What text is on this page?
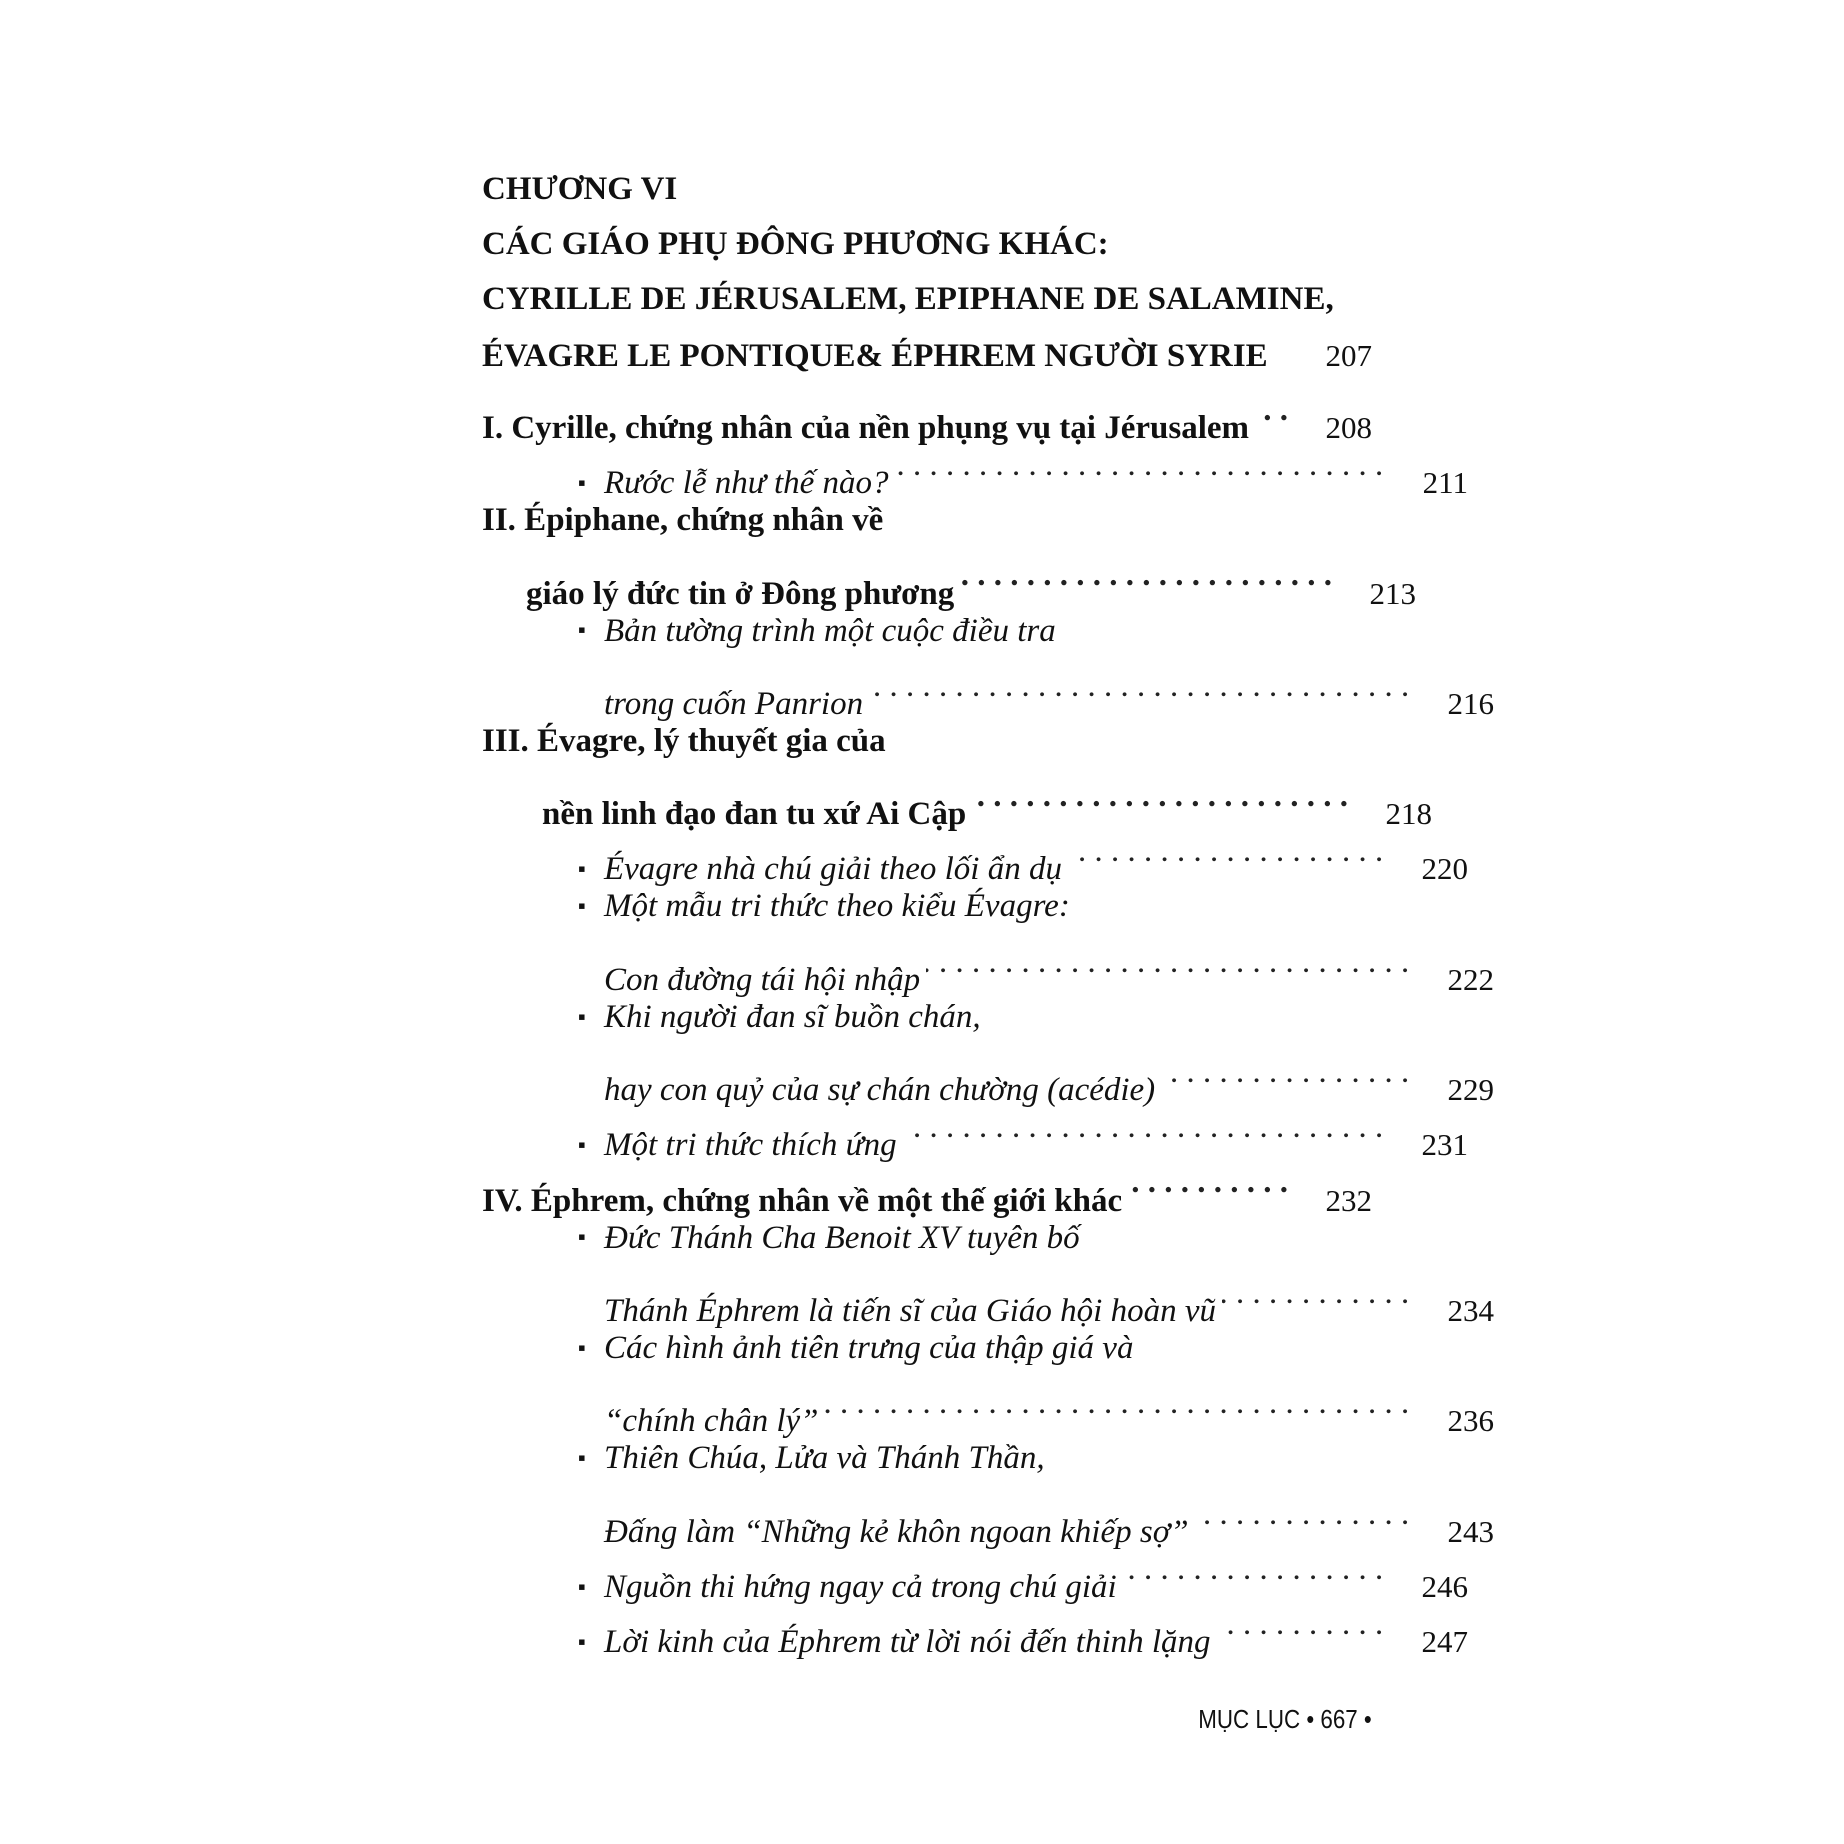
CHƯƠNG VI
CÁC GIÁO PHỤ ĐÔNG PHƯƠNG KHÁC:
CYRILLE DE JÉRUSALEM, EPIPHANE DE SALAMINE,
ÉVAGRE LE PONTIQUE& ÉPHREM NGƯỜI SYRIE	207
I. Cyrille, chứng nhân của nền phụng vụ tại Jérusalem . . .	208
▪ Rước lễ như thế nào? . . .	211
II. Épiphane, chứng nhân về
giáo lý đức tin ở Đông phương . . .	213
▪ Bản tường trình một cuộc điều tra
trong cuốn Panrion . . .	216
III. Évagre, lý thuyết gia của
nền linh đạo đan tu xứ Ai Cập . . .	218
▪ Évagre nhà chú giải theo lối ẩn dụ . . .	220
▪ Một mẫu tri thức theo kiểu Évagre:
Con đường tái hội nhập . . .	222
▪ Khi người đan sĩ buồn chán,
hay con quỷ của sự chán chường (acédie) . . .	229
▪ Một tri thức thích ứng . . .	231
IV. Éphrem, chứng nhân về một thế giới khác . . .	232
▪ Đức Thánh Cha Benoit XV tuyên bố
Thánh Éphrem là tiến sĩ của Giáo hội hoàn vũ . . .	234
▪ Các hình ảnh tiên trưng của thập giá và
“chính chân lý” . . .	236
▪ Thiên Chúa, Lửa và Thánh Thần,
Đấng làm “Những kẻ khôn ngoan khiếp sợ” . . .	243
▪ Nguồn thi hứng ngay cả trong chú giải . . .	246
▪ Lời kinh của Éphrem từ lời nói đến thinh lặng . . .	247
MỤC LỤC • 667 •
